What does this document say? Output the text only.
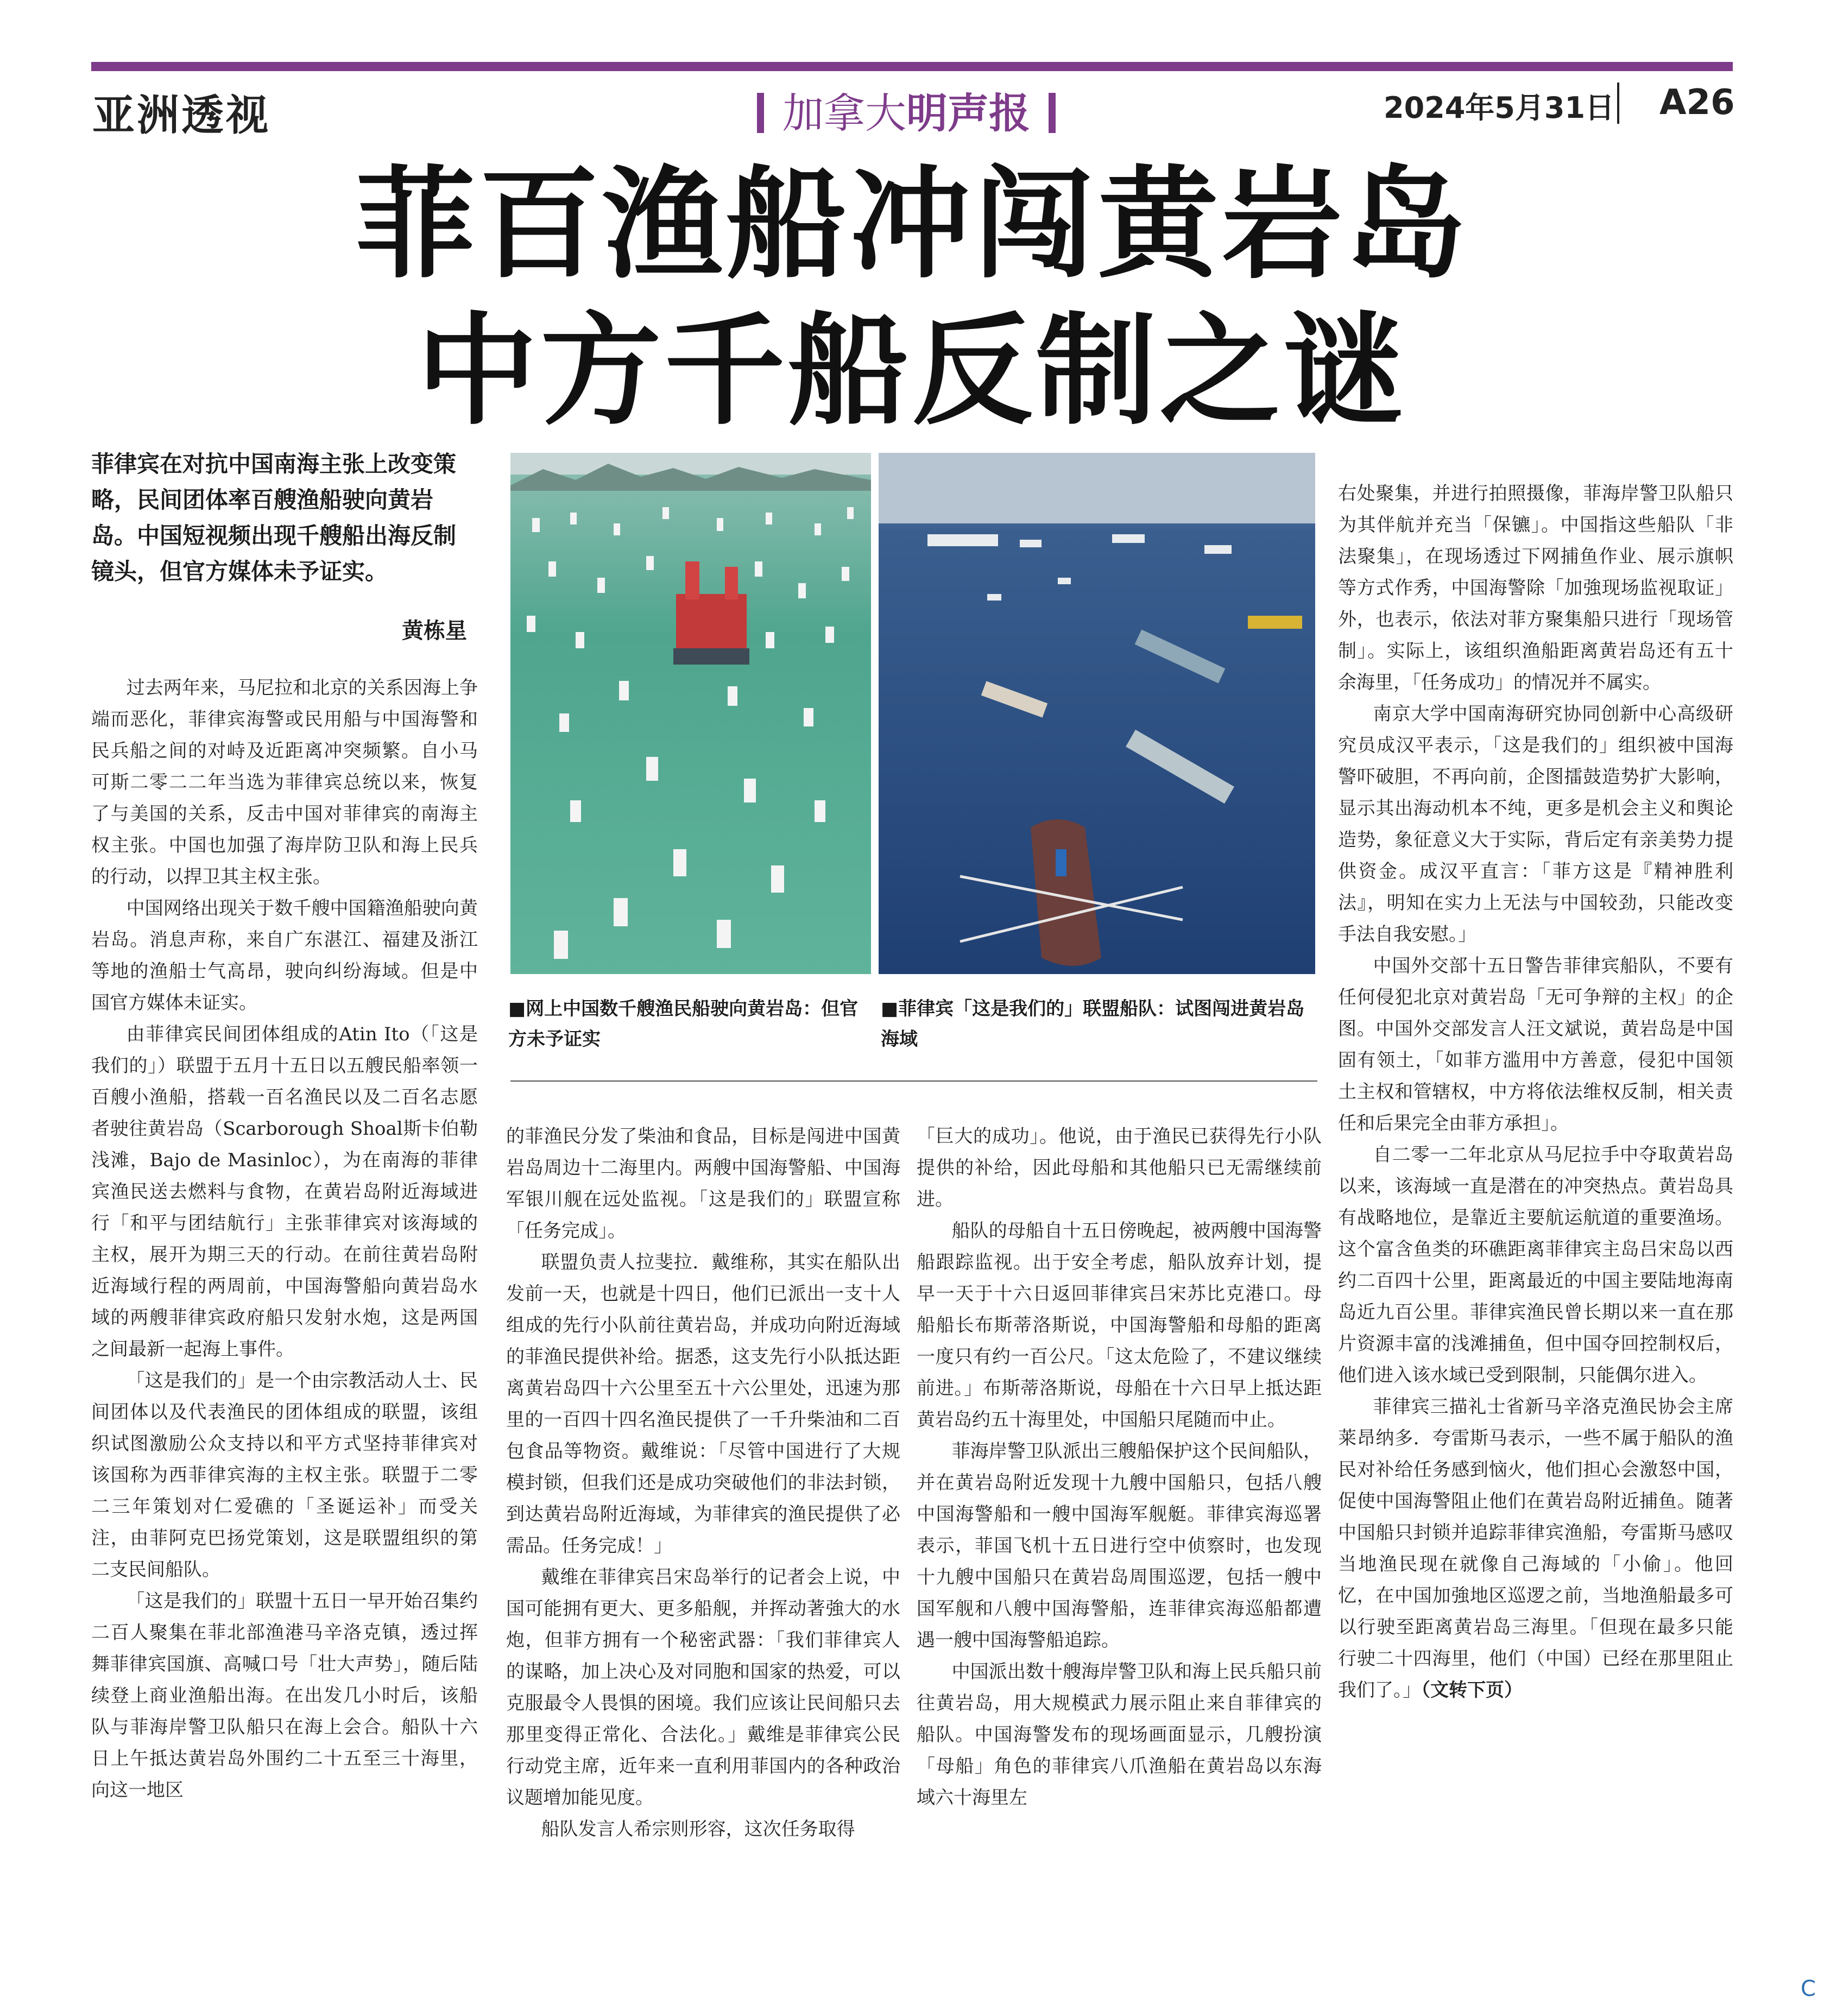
亚洲透视	加拿大明声报	2024年5月31日 A26
菲百渔船冲闯黄岩岛
中方千船反制之谜

菲律宾在对抗中国南海主张上改变策略，民间团体率百艘渔船驶向黄岩岛。中国短视频出现千艘船出海反制镜头，但官方媒体未予证实。

黄栋星

过去两年来，马尼拉和北京的关系因海上争端而恶化，菲律宾海警或民用船与中国海警和民兵船之间的对峙及近距离冲突频繁。自小马可斯二零二二年当选为菲律宾总统以来，恢复了与美国的关系，反击中国对菲律宾的南海主权主张。中国也加强了海岸防卫队和海上民兵的行动，以捍卫其主权主张。

中国网络出现关于数千艘中国籍渔船驶向黄岩岛。消息声称，来自广东湛江、福建及浙江等地的渔船士气高昂，驶向纠纷海域。但是中国官方媒体未证实。

由菲律宾民间团体组成的Atin Ito（「这是我们的」）联盟于五月十五日以五艘民船率领一百艘小渔船，搭载一百名渔民以及二百名志愿者驶往黄岩岛（Scarborough Shoal斯卡伯勒浅滩，Bajo de Masinloc），为在南海的菲律宾渔民送去燃料与食物，在黄岩岛附近海域进行「和平与团结航行」主张菲律宾对该海域的主权，展开为期三天的行动。在前往黄岩岛附近海域行程的两周前，中国海警船向黄岩岛水域的两艘菲律宾政府船只发射水炮，这是两国之间最新一起海上事件。

「这是我们的」是一个由宗教活动人士、民间团体以及代表渔民的团体组成的联盟，该组织试图激励公众支持以和平方式坚持菲律宾对该国称为西菲律宾海的主权主张。联盟于二零二三年策划对仁爱礁的「圣诞运补」而受关注，由菲阿克巴扬党策划，这是联盟组织的第二支民间船队。

「这是我们的」联盟十五日一早开始召集约二百人聚集在菲北部渔港马辛洛克镇，透过挥舞菲律宾国旗、高喊口号「壮大声势」，随后陆续登上商业渔船出海。在出发几小时后，该船队与菲海岸警卫队船只在海上会合。船队十六日上午抵达黄岩岛外围约二十五至三十海里，向这一地区

■网上中国数千艘渔民船驶向黄岩岛：但官方未予证实
■菲律宾「这是我们的」联盟船队：试图闯进黄岩岛海域

的菲渔民分发了柴油和食品，目标是闯进中国黄岩岛周边十二海里内。两艘中国海警船、中国海军银川舰在远处监视。「这是我们的」联盟宣称「任务完成」。

联盟负责人拉斐拉．戴维称，其实在船队出发前一天，也就是十四日，他们已派出一支十人组成的先行小队前往黄岩岛，并成功向附近海域的菲渔民提供补给。据悉，这支先行小队抵达距离黄岩岛四十六公里至五十六公里处，迅速为那里的一百四十四名渔民提供了一千升柴油和二百包食品等物资。戴维说：「尽管中国进行了大规模封锁，但我们还是成功突破他们的非法封锁，到达黄岩岛附近海域，为菲律宾的渔民提供了必需品。任务完成！」

戴维在菲律宾吕宋岛举行的记者会上说，中国可能拥有更大、更多船舰，并挥动著強大的水炮，但菲方拥有一个秘密武器：「我们菲律宾人的谋略，加上决心及对同胞和国家的热爱，可以克服最令人畏惧的困境。我们应该让民间船只去那里变得正常化、合法化。」戴维是菲律宾公民行动党主席，近年来一直利用菲国内的各种政治议题增加能见度。

船队发言人希宗则形容，这次任务取得

「巨大的成功」。他说，由于渔民已获得先行小队提供的补给，因此母船和其他船只已无需继续前进。

船队的母船自十五日傍晚起，被两艘中国海警船跟踪监视。出于安全考虑，船队放弃计划，提早一天于十六日返回菲律宾吕宋苏比克港口。母船船长布斯蒂洛斯说，中国海警船和母船的距离一度只有约一百公尺。「这太危险了，不建议继续前进。」布斯蒂洛斯说，母船在十六日早上抵达距黄岩岛约五十海里处，中国船只尾随而中止。

菲海岸警卫队派出三艘船保护这个民间船队，并在黄岩岛附近发现十九艘中国船只，包括八艘中国海警船和一艘中国海军舰艇。菲律宾海巡署表示，菲国飞机十五日进行空中侦察时，也发现十九艘中国船只在黄岩岛周围巡逻，包括一艘中国军舰和八艘中国海警船，连菲律宾海巡船都遭遇一艘中国海警船追踪。

中国派出数十艘海岸警卫队和海上民兵船只前往黄岩岛，用大规模武力展示阻止来自菲律宾的船队。中国海警发布的现场画面显示，几艘扮演「母船」角色的菲律宾八爪渔船在黄岩岛以东海域六十海里左

右处聚集，并进行拍照摄像，菲海岸警卫队船只为其伴航并充当「保镳」。中国指这些船队「非法聚集」，在现场透过下网捕鱼作业、展示旗帜等方式作秀，中国海警除「加強现场监视取证」外，也表示，依法对菲方聚集船只进行「现场管制」。实际上，该组织渔船距离黄岩岛还有五十余海里，「任务成功」的情况并不属实。

南京大学中国南海研究协同创新中心高级研究员成汉平表示，「这是我们的」组织被中国海警吓破胆，不再向前，企图擂鼓造势扩大影响，显示其出海动机本不纯，更多是机会主义和舆论造势，象征意义大于实际，背后定有亲美势力提供资金。成汉平直言：「菲方这是『精神胜利法』，明知在实力上无法与中国较劲，只能改变手法自我安慰。」

中国外交部十五日警告菲律宾船队，不要有任何侵犯北京对黄岩岛「无可争辩的主权」的企图。中国外交部发言人汪文斌说，黄岩岛是中国固有领土，「如菲方滥用中方善意，侵犯中国领土主权和管辖权，中方将依法维权反制，相关责任和后果完全由菲方承担」。

自二零一二年北京从马尼拉手中夺取黄岩岛以来，该海域一直是潜在的冲突热点。黄岩岛具有战略地位，是靠近主要航运航道的重要渔场。这个富含鱼类的环礁距离菲律宾主岛吕宋岛以西约二百四十公里，距离最近的中国主要陆地海南岛近九百公里。菲律宾渔民曾长期以来一直在那片资源丰富的浅滩捕鱼，但中国夺回控制权后，他们进入该水域已受到限制，只能偶尔进入。

菲律宾三描礼士省新马辛洛克渔民协会主席莱昂纳多．夸雷斯马表示，一些不属于船队的渔民对补给任务感到恼火，他们担心会激怒中国，促使中国海警阻止他们在黄岩岛附近捕鱼。随著中国船只封锁并追踪菲律宾渔船，夸雷斯马感叹当地渔民现在就像自己海域的「小偷」。他回忆，在中国加強地区巡逻之前，当地渔船最多可以行驶至距离黄岩岛三海里。「但现在最多只能行驶二十四海里，他们（中国）已经在那里阻止我们了。」（文转下页）

C
